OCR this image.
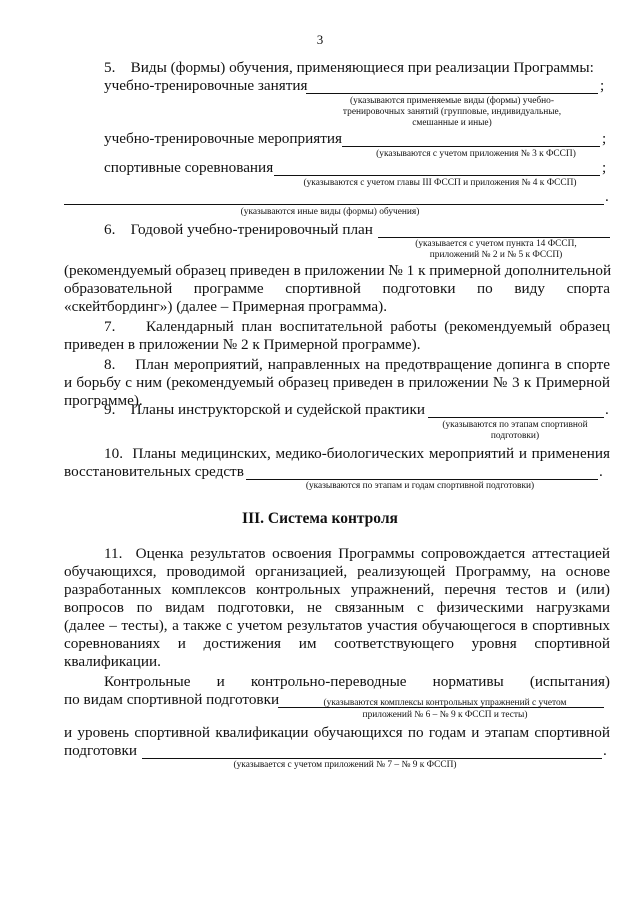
3
5.    Виды (формы) обучения, применяющиеся при реализации Программы:
учебно-тренировочные занятия	;
(указываются применяемые виды (формы) учебно-
тренировочных занятий (групповые, индивидуальные,
смешанные и иные)
учебно-тренировочные мероприятия	;
(указываются с учетом приложения № 3 к ФССП)
спортивные соревнования	;
(указываются с учетом главы III ФССП и приложения № 4 к ФССП)
.
(указываются иные виды (формы) обучения)
6.    Годовой учебно-тренировочный план
(указывается с учетом пункта 14 ФССП,
приложений № 2 и № 5 к ФССП)
(рекомендуемый образец приведен в приложении № 1 к примерной дополнительной
образовательной программе спортивной подготовки по виду спорта
«скейтбординг») (далее – Примерная программа).
7.    Календарный план воспитательной работы (рекомендуемый образец
приведен в приложении № 2 к Примерной программе).
8.    План мероприятий, направленных на предотвращение допинга в спорте
и борьбу с ним (рекомендуемый образец приведен в приложении № 3 к Примерной
программе).
9.    Планы инструкторской и судейской практики	.
(указываются по этапам спортивной
подготовки)
10.  Планы медицинских, медико-биологических мероприятий и применения
восстановительных средств	.
(указываются по этапам и годам спортивной подготовки)
III. Система контроля
11.  Оценка результатов освоения Программы сопровождается аттестацией
обучающихся, проводимой организацией, реализующей Программу, на основе
разработанных комплексов контрольных упражнений, перечня тестов и (или)
вопросов по видам подготовки, не связанным с физическими нагрузками
(далее – тесты), а также с учетом результатов участия обучающегося в спортивных
соревнованиях и достижения им соответствующего уровня спортивной
квалификации.
Контрольные и контрольно-переводные нормативы (испытания)
по видам спортивной подготовки	(указываются комплексы контрольных упражнений с учетом
приложений № 6 – № 9 к ФССП и тесты)
и уровень спортивной квалификации обучающихся по годам и этапам спортивной
подготовки	.
(указывается с учетом приложений № 7 – № 9 к ФССП)
